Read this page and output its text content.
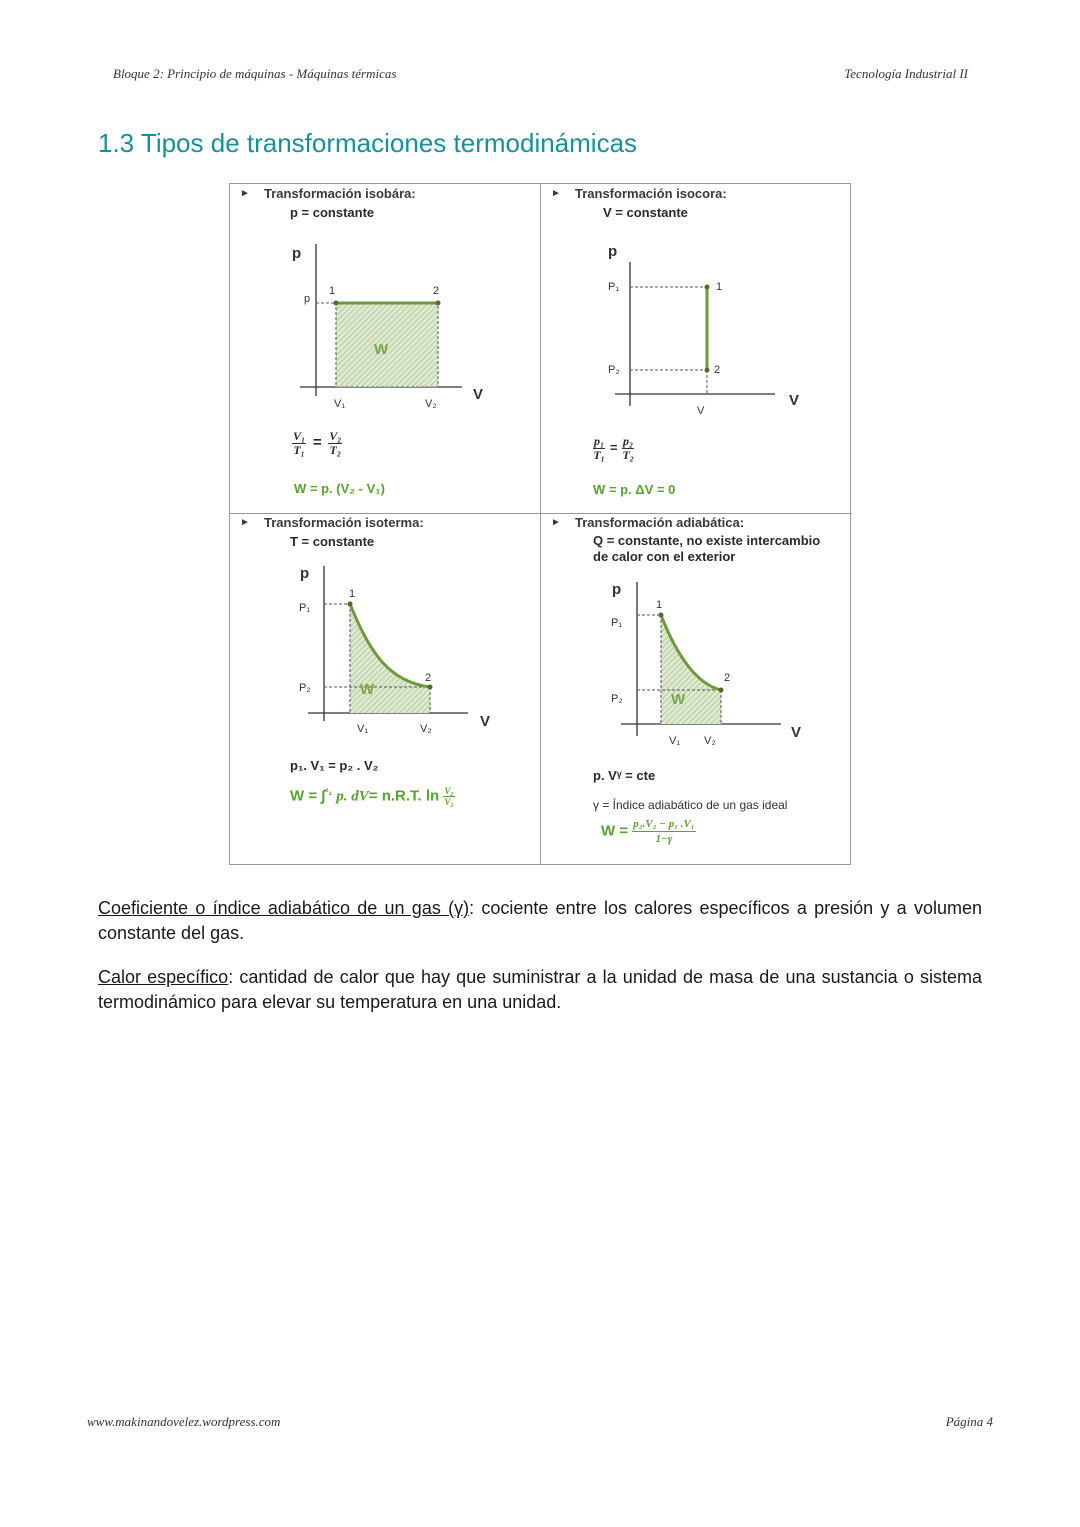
Bloque 2: Principio de máquinas - Máquinas térmicas	Tecnología Industrial II
1.3 Tipos de transformaciones termodinámicas
►	Transformación isobára:
p = constante
p
V
p
1	2
W
V₁	V₂
$\frac{\text{V₁}}{\text{T₁}} = \frac{\text{V₂}}{\text{T₂}}$
W = p. (V₂ - V₁)
►	Transformación isocora:
V = constante
p
V
P₁
P₂
1
2
V
$\frac{\text{p₁}}{\text{T₁}} = \frac{\text{p₂}}{\text{T₂}}$
W = p. ΔV = 0
►	Transformación isoterma:
T = constante
p
V
P₁
P₂
1
2
W
V₁	V₂
p₁. V₁ = p₂ . V₂
W = ∫$^{^2_1}$ p. dV= n.R.T. $\ln \frac{\text{V₂}}{\text{V₂}}$
►	Transformación adiabática:
Q = constante, no existe intercambio
de calor con el exterior
p
V
P₁
P₂
1
2
W
V₁ V₂
p. Vᵞ = cte
γ = Índice adiabático de un gas ideal
$W = \frac{\text{p₂.V₂ − p₁ .V₁}}{1-\gamma}$

Coeficiente o índice adiabático de un gas (γ): cociente entre los calores específicos a presión y a volumen constante del gas.

Calor específico: cantidad de calor que hay que suministrar a la unidad de masa de una sustancia o sistema termodinámico para elevar su temperatura en una unidad.

www.makinandovelez.wordpress.com	Página 4
